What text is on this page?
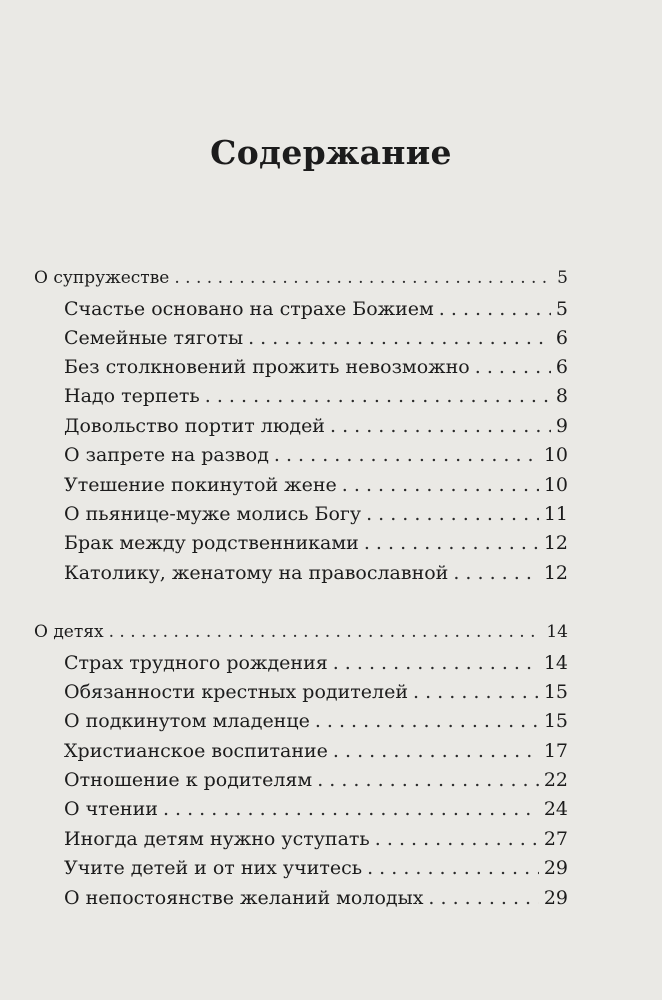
Содержание
О супружестве . . .	5
Счастье основано на страхе Божием . . .	5
Семейные тяготы . . .	6
Без столкновений прожить невозможно . . .	6
Надо терпеть . . .	8
Довольство портит людей . . .	9
О запрете на развод . . .	10
Утешение покинутой жене . . .	10
О пьянице-муже молись Богу . . .	11
Брак между родственниками . . .	12
Католику, женатому на православной . . .	12
О детях . . .	14
Страх трудного рождения . . .	14
Обязанности крестных родителей . . .	15
О подкинутом младенце . . .	15
Христианское воспитание . . .	17
Отношение к родителям . . .	22
О чтении . . .	24
Иногда детям нужно уступать . . .	27
Учите детей и от них учитесь . . .	29
О непостоянстве желаний молодых . . .	29
